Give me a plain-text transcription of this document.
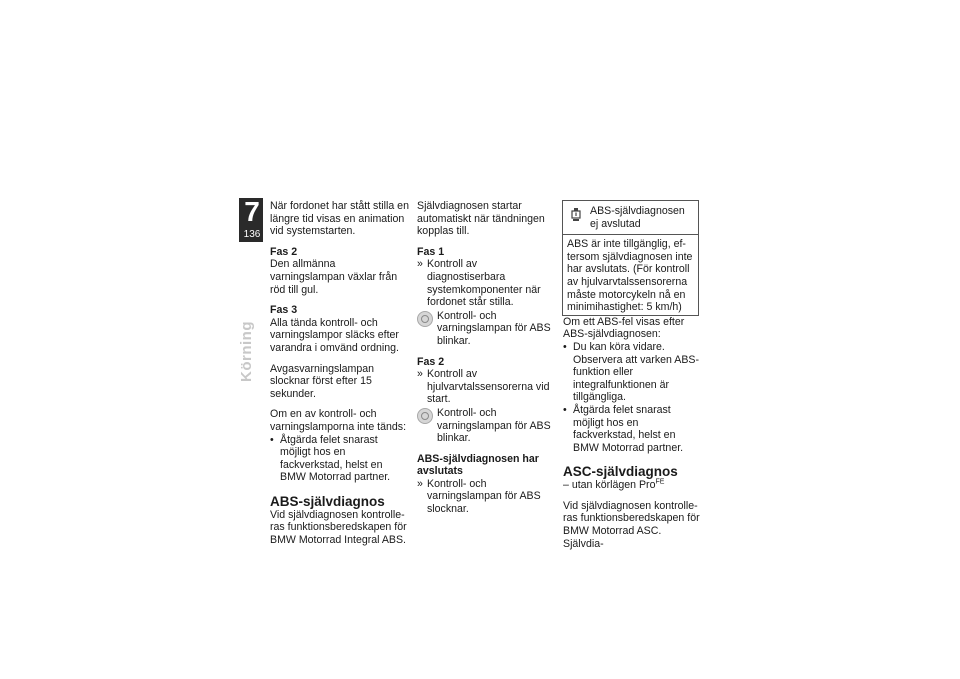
7
136
Körning

När fordonet har stått stilla en längre tid visas en animation vid systemstarten.

Fas 2

Den allmänna varningslampan växlar från röd till gul.

Fas 3

Alla tända kontroll- och varningslampor släcks efter varandra i omvänd ordning.

Avgasvarningslampan slocknar först efter 15 sekunder.

Om en av kontroll- och varningslamporna inte tänds:

• Åtgärda felet snarast möjligt hos en fackverkstad, helst en BMW Motorrad partner.

ABS-självdiagnos

Vid självdiagnosen kontrolleras funktionsberedskapen för BMW Motorrad Integral ABS.

Självdiagnosen startar automatiskt när tändningen kopplas till.

Fas 1

» Kontroll av diagnostiserbara systemkomponenter när fordonet står stilla.
Kontroll- och varningslampan för ABS blinkar.

Fas 2

» Kontroll av hjulvarvtalssensorerna vid start.
Kontroll- och varningslampan för ABS blinkar.

ABS-självdiagnosen har avslutats

» Kontroll- och varningslampan för ABS slocknar.
ABS-självdiagnosen ej avslutad
ABS är inte tillgänglig, eftersom självdiagnosen inte har avslutats. (För kontroll av hjulvarvtalssensorerna måste motorcykeln nå en minimihastighet: 5 km/h)

Om ett ABS-fel visas efter ABS-självdiagnosen:

• Du kan köra vidare. Observera att varken ABS-funktion eller integralfunktionen är tillgängliga.
• Åtgärda felet snarast möjligt hos en fackverkstad, helst en BMW Motorrad partner.

ASC-självdiagnos

– utan körlägen Pro$^{FE}$

Vid självdiagnosen kontrolleras funktionsberedskapen för BMW Motorrad ASC. Självdia-
